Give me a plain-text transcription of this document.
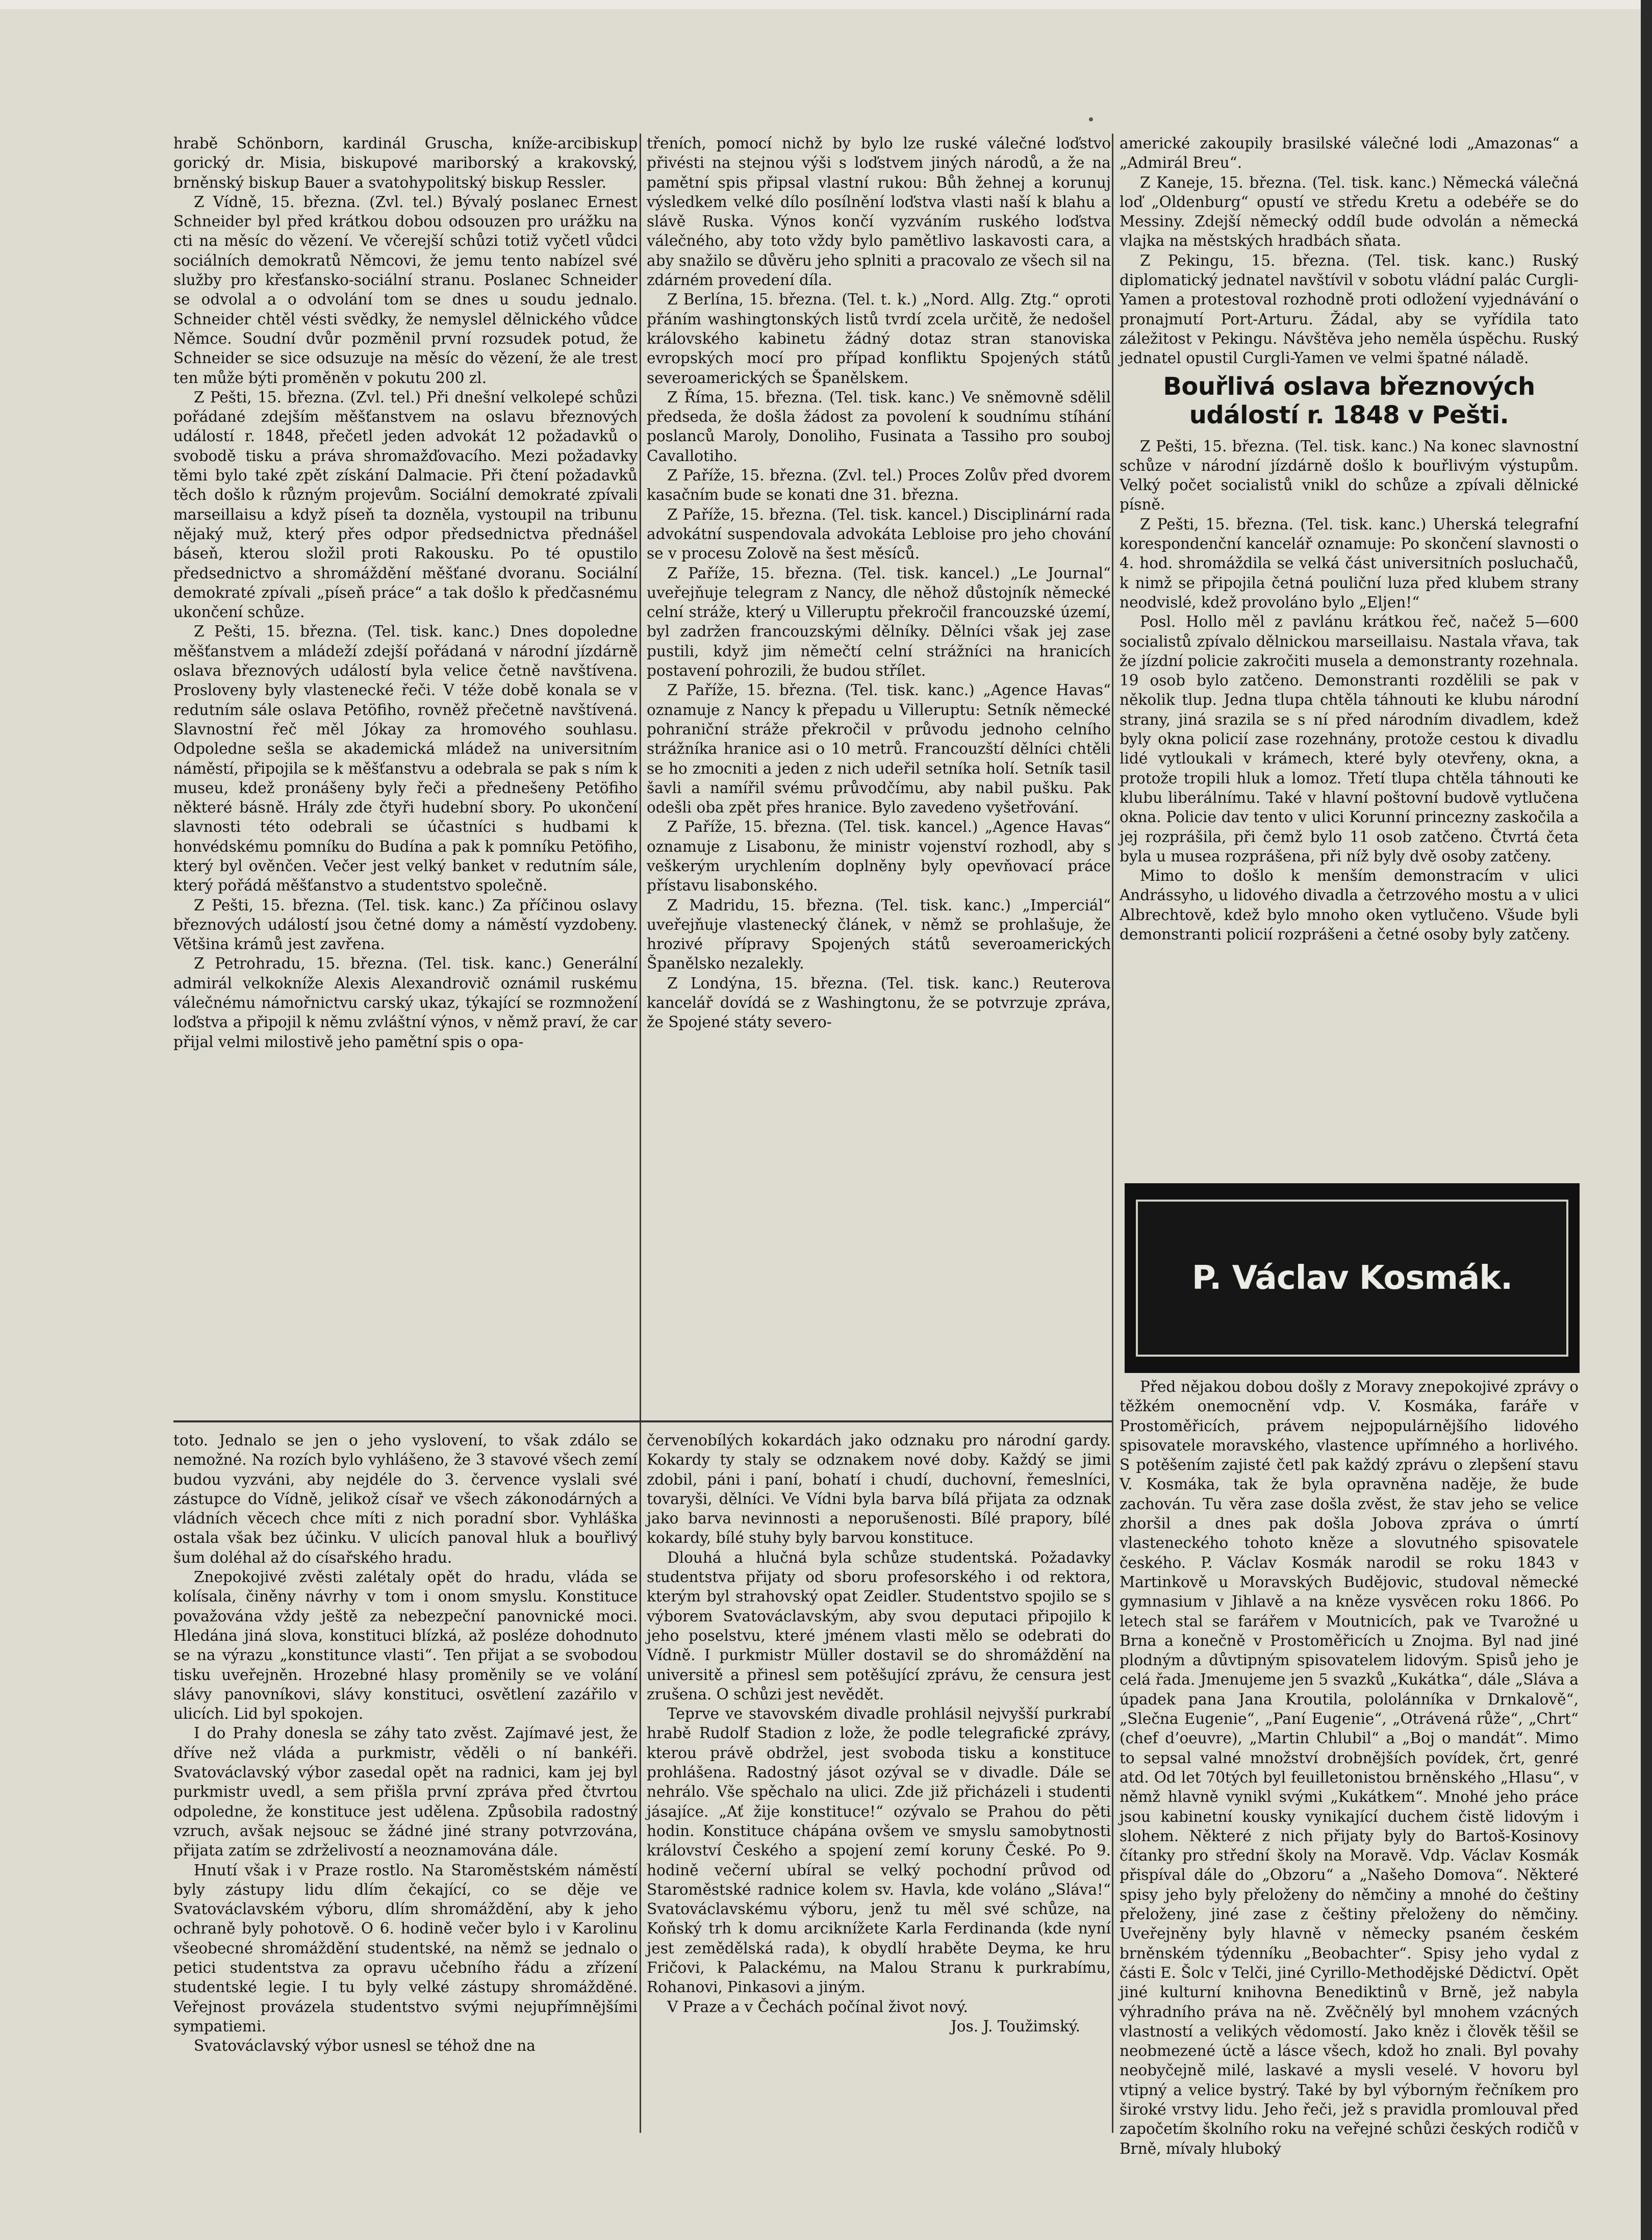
hrabě Schönborn, kardinál Gruscha, kníže-arcibiskup gorický dr. Misia, biskupové mariborský a krakovský, brněnský biskup Bauer a svatohypolitský biskup Ressler.

Z Vídně, 15. března. (Zvl. tel.) Bývalý poslanec Ernest Schneider byl před krátkou dobou odsouzen pro urážku na cti na měsíc do vězení. Ve včerejší schůzi totiž vyčetl vůdci sociálních demokratů Němcovi, že jemu tento nabízel své služby pro křesťansko-sociální stranu. Poslanec Schneider se odvolal a o odvolání tom se dnes u soudu jednalo. Schneider chtěl vésti svědky, že nemyslel dělnického vůdce Němce. Soudní dvůr pozměnil první rozsudek potud, že Schneider se sice odsuzuje na měsíc do vězení, že ale trest ten může býti proměněn v pokutu 200 zl.

Z Pešti, 15. března. (Zvl. tel.) Při dnešní velkolepé schůzi pořádané zdejším měšťanstvem na oslavu březnových událostí r. 1848, přečetl jeden advokát 12 požadavků o svobodě tisku a práva shromažďovacího. Mezi požadavky těmi bylo také zpět získání Dalmacie. Při čtení požadavků těch došlo k různým projevům. Sociální demokraté zpívali marseillaisu a když píseň ta dozněla, vystoupil na tribunu nějaký muž, který přes odpor předsednictva přednášel báseň, kterou složil proti Rakousku. Po té opustilo předsednictvo a shromáždění měšťané dvoranu. Sociální demokraté zpívali „píseň práce“ a tak došlo k předčasnému ukončení schůze.

Z Pešti, 15. března. (Tel. tisk. kanc.) Dnes dopoledne měšťanstvem a mládeží zdejší pořádaná v národní jízdárně oslava březnových událostí byla velice četně navštívena. Prosloveny byly vlastenecké řeči. V téže době konala se v redutním sále oslava Petöfiho, rovněž přečetně navštívená. Slavnostní řeč měl Jókay za hromového souhlasu. Odpoledne sešla se akademická mládež na universitním náměstí, připojila se k měšťanstvu a odebrala se pak s ním k museu, kdež pronášeny byly řeči a přednešeny Petöfiho některé básně. Hrály zde čtyři hudební sbory. Po ukončení slavnosti této odebrali se účastníci s hudbami k honvédskému pomníku do Budína a pak k pomníku Petöfiho, který byl ověnčen. Večer jest velký banket v redutním sále, který pořádá měšťanstvo a studentstvo společně.

Z Pešti, 15. března. (Tel. tisk. kanc.) Za příčinou oslavy březnových událostí jsou četné domy a náměstí vyzdobeny. Většina krámů jest zavřena.

Z Petrohradu, 15. března. (Tel. tisk. kanc.) Generální admirál velkokníže Alexis Alexandrovič oznámil ruskému válečnému námořnictvu carský ukaz, týkající se rozmnožení loďstva a připojil k němu zvláštní výnos, v němž praví, že car přijal velmi milostivě jeho pamětní spis o opa-

třeních, pomocí nichž by bylo lze ruské válečné loďstvo přivésti na stejnou výši s loďstvem jiných národů, a že na pamětní spis připsal vlastní rukou: Bůh žehnej a korunuj výsledkem velké dílo posílnění loďstva vlasti naší k blahu a slávě Ruska. Výnos končí vyzváním ruského loďstva válečného, aby toto vždy bylo pamětlivo laskavosti cara, a aby snažilo se důvěru jeho splniti a pracovalo ze všech sil na zdárném provedení díla.

Z Berlína, 15. března. (Tel. t. k.) „Nord. Allg. Ztg.“ oproti přáním washingtonských listů tvrdí zcela určitě, že nedošel královského kabinetu žádný dotaz stran stanoviska evropských mocí pro případ konfliktu Spojených států severoamerických se Španělskem.

Z Říma, 15. března. (Tel. tisk. kanc.) Ve sněmovně sdělil předseda, že došla žádost za povolení k soudnímu stíhání poslanců Maroly, Donoliho, Fusinata a Tassiho pro souboj Cavallotiho.

Z Paříže, 15. března. (Zvl. tel.) Proces Zolův před dvorem kasačním bude se konati dne 31. března.

Z Paříže, 15. března. (Tel. tisk. kancel.) Disciplinární rada advokátní suspendovala advokáta Lebloise pro jeho chování se v procesu Zolově na šest měsíců.

Z Paříže, 15. března. (Tel. tisk. kancel.) „Le Journal“ uveřejňuje telegram z Nancy, dle něhož důstojník německé celní stráže, který u Villeruptu překročil francouzské území, byl zadržen francouzskými dělníky. Dělníci však jej zase pustili, když jim němečtí celní strážníci na hranicích postavení pohrozili, že budou střílet.

Z Paříže, 15. března. (Tel. tisk. kanc.) „Agence Havas“ oznamuje z Nancy k přepadu u Villeruptu: Setník německé pohraniční stráže překročil v průvodu jednoho celního strážníka hranice asi o 10 metrů. Francouzští dělníci chtěli se ho zmocniti a jeden z nich udeřil setníka holí. Setník tasil šavli a namířil svému průvodčímu, aby nabil pušku. Pak odešli oba zpět přes hranice. Bylo zavedeno vyšetřování.

Z Paříže, 15. března. (Tel. tisk. kancel.) „Agence Havas“ oznamuje z Lisabonu, že ministr vojenství rozhodl, aby s veškerým urychlením doplněny byly opevňovací práce přístavu lisabonského.

Z Madridu, 15. března. (Tel. tisk. kanc.) „Imperciál“ uveřejňuje vlastenecký článek, v němž se prohlašuje, že hrozivé přípravy Spojených států severoamerických Španělsko nezalekly.

Z Londýna, 15. března. (Tel. tisk. kanc.) Reuterova kancelář dovídá se z Washingtonu, že se potvrzuje zpráva, že Spojené státy severo-

americké zakoupily brasilské válečné lodi „Amazonas“ a „Admirál Breu“.

Z Kaneje, 15. března. (Tel. tisk. kanc.) Německá válečná loď „Oldenburg“ opustí ve středu Kretu a odebéře se do Messiny. Zdejší německý oddíl bude odvolán a německá vlajka na městských hradbách sňata.

Z Pekingu, 15. března. (Tel. tisk. kanc.) Ruský diplomatický jednatel navštívil v sobotu vládní palác Curgli-Yamen a protestoval rozhodně proti odložení vyjednávání o pronajmutí Port-Arturu. Žádal, aby se vyřídila tato záležitost v Pekingu. Návštěva jeho neměla úspěchu. Ruský jednatel opustil Curgli-Yamen ve velmi špatné náladě.

Bouřlivá oslava březnových událostí r. 1848 v Pešti.

Z Pešti, 15. března. (Tel. tisk. kanc.) Na konec slavnostní schůze v národní jízdárně došlo k bouřlivým výstupům. Velký počet socialistů vnikl do schůze a zpívali dělnické písně.

Z Pešti, 15. března. (Tel. tisk. kanc.) Uherská telegrafní korespondenční kancelář oznamuje: Po skončení slavnosti o 4. hod. shromáždila se velká část universitních posluchačů, k nimž se připojila četná pouliční luza před klubem strany neodvislé, kdež provoláno bylo „Eljen!“

Posl. Hollo měl z pavlánu krátkou řeč, načež 5—600 socialistů zpívalo dělnickou marseillaisu. Nastala vřava, tak že jízdní policie zakročiti musela a demonstranty rozehnala. 19 osob bylo zatčeno. Demonstranti rozdělili se pak v několik tlup. Jedna tlupa chtěla táhnouti ke klubu národní strany, jiná srazila se s ní před národním divadlem, kdež byly okna policií zase rozehnány, protože cestou k divadlu lidé vytloukali v krámech, které byly otevřeny, okna, a protože tropili hluk a lomoz. Třetí tlupa chtěla táhnouti ke klubu liberálnímu. Také v hlavní poštovní budově vytlučena okna. Policie dav tento v ulici Korunní princezny zaskočila a jej rozprášila, při čemž bylo 11 osob zatčeno. Čtvrtá četa byla u musea rozprášena, při níž byly dvě osoby zatčeny.

Mimo to došlo k menším demonstracím v ulici Andrássyho, u lidového divadla a četrzového mostu a v ulici Albrechtově, kdež bylo mnoho oken vytlučeno. Všude byli demonstranti policií rozprášeni a četné osoby byly zatčeny.

P. Václav Kosmák.

toto. Jednalo se jen o jeho vyslovení, to však zdálo se nemožné. Na rozích bylo vyhlášeno, že 3 stavové všech zemí budou vyzváni, aby nejdéle do 3. července vyslali své zástupce do Vídně, jelikož císař ve všech zákonodárných a vládních věcech chce míti z nich poradní sbor. Vyhláška ostala však bez účinku. V ulicích panoval hluk a bouřlivý šum doléhal až do císařského hradu.

Znepokojivé zvěsti zalétaly opět do hradu, vláda se kolísala, činěny návrhy v tom i onom smyslu. Konstituce považována vždy ještě za nebezpeční panovnické moci. Hledána jiná slova, konstituci blízká, až posléze dohodnuto se na výrazu „konstitunce vlasti“. Ten přijat a se svobodou tisku uveřejněn. Hrozebné hlasy proměnily se ve volání slávy panovníkovi, slávy konstituci, osvětlení zazářilo v ulicích. Lid byl spokojen.

I do Prahy donesla se záhy tato zvěst. Zajímavé jest, že dříve než vláda a purkmistr, věděli o ní bankéři. Svatováclavský výbor zasedal opět na radnici, kam jej byl purkmistr uvedl, a sem přišla první zpráva před čtvrtou odpoledne, že konstituce jest udělena. Způsobila radostný vzruch, avšak nejsouc se žádné jiné strany potvrzována, přijata zatím se zdrželivostí a neoznamována dále.

Hnutí však i v Praze rostlo. Na Staroměstském náměstí byly zástupy lidu dlím čekající, co se děje ve Svatováclavském výboru, dlím shromáždění, aby k jeho ochraně byly pohotově. O 6. hodině večer bylo i v Karolinu všeobecné shromáždění studentské, na němž se jednalo o petici studentstva za opravu učebního řádu a zřízení studentské legie. I tu byly velké zástupy shromážděné. Veřejnost provázela studentstvo svými nejupřímnějšími sympatiemi.

Svatováclavský výbor usnesl se téhož dne na

červenobílých kokardách jako odznaku pro národní gardy. Kokardy ty staly se odznakem nové doby. Každý se jimi zdobil, páni i paní, bohatí i chudí, duchovní, řemeslníci, tovaryši, dělníci. Ve Vídni byla barva bílá přijata za odznak jako barva nevinnosti a neporušenosti. Bílé prapory, bílé kokardy, bílé stuhy byly barvou konstituce.

Dlouhá a hlučná byla schůze studentská. Požadavky studentstva přijaty od sboru profesorského i od rektora, kterým byl strahovský opat Zeidler. Studentstvo spojilo se s výborem Svatováclavským, aby svou deputaci připojilo k jeho poselstvu, které jménem vlasti mělo se odebrati do Vídně. I purkmistr Müller dostavil se do shromáždění na universitě a přinesl sem potěšující zprávu, že censura jest zrušena. O schůzi jest nevědět.

Teprve ve stavovském divadle prohlásil nejvyšší purkrabí hrabě Rudolf Stadion z lože, že podle telegrafické zprávy, kterou právě obdržel, jest svoboda tisku a konstituce prohlášena. Radostný jásot ozýval se v divadle. Dále se nehrálo. Vše spěchalo na ulici. Zde již přicházeli i studenti jásajíce. „Ať žije konstituce!“ ozývalo se Prahou do pěti hodin. Konstituce chápána ovšem ve smyslu samobytnosti království Českého a spojení zemí koruny České. Po 9. hodině večerní ubíral se velký pochodní průvod od Staroměstské radnice kolem sv. Havla, kde voláno „Sláva!“ Svatováclavskému výboru, jenž tu měl své schůze, na Koňský trh k domu arciknížete Karla Ferdinanda (kde nyní jest zemědělská rada), k obydlí hraběte Deyma, ke hru Fričovi, k Palackému, na Malou Stranu k purkrabímu, Rohanovi, Pinkasovi a jiným.

V Praze a v Čechách počínal život nový.

Jos. J. Toužimský.

Před nějakou dobou došly z Moravy znepokojivé zprávy o těžkém onemocnění vdp. V. Kosmáka, faráře v Prostoměřicích, právem nejpopulárnějšího lidového spisovatele moravského, vlastence upřímného a horlivého. S potěšením zajisté četl pak každý zprávu o zlepšení stavu V. Kosmáka, tak že byla opravněna naděje, že bude zachován. Tu věra zase došla zvěst, že stav jeho se velice zhoršil a dnes pak došla Jobova zpráva o úmrtí vlasteneckého tohoto kněze a slovutného spisovatele českého. P. Václav Kosmák narodil se roku 1843 v Martinkově u Moravských Budějovic, studoval německé gymnasium v Jihlavě a na kněze vysvěcen roku 1866. Po letech stal se farářem v Moutnicích, pak ve Tvarožné u Brna a konečně v Prostoměřicích u Znojma. Byl nad jiné plodným a důvtipným spisovatelem lidovým. Spisů jeho je celá řada. Jmenujeme jen 5 svazků „Kukátka“, dále „Sláva a úpadek pana Jana Kroutila, pololánníka v Drnkalově“, „Slečna Eugenie“, „Paní Eugenie“, „Otrávená růže“, „Chrt“ (chef d’oeuvre), „Martin Chlubil“ a „Boj o mandát“. Mimo to sepsal valné množství drobnějších povídek, črt, genré atd. Od let 70tých byl feuilletonistou brněnského „Hlasu“, v němž hlavně vynikl svými „Kukátkem“. Mnohé jeho práce jsou kabinetní kousky vynikající duchem čistě lidovým i slohem. Některé z nich přijaty byly do Bartoš-Kosinovy čítanky pro střední školy na Moravě. Vdp. Václav Kosmák přispíval dále do „Obzoru“ a „Našeho Domova“. Některé spisy jeho byly přeloženy do němčiny a mnohé do češtiny přeloženy, jiné zase z češtiny přeloženy do němčiny. Uveřejněny byly hlavně v německy psaném českém brněnském týdenníku „Beobachter“. Spisy jeho vydal z části E. Šolc v Telči, jiné Cyrillo-Methodějské Dědictví. Opět jiné kulturní knihovna Benediktinů v Brně, jež nabyla výhradního práva na ně. Zvěčnělý byl mnohem vzácných vlastností a velikých vědomostí. Jako kněz i člověk těšil se neobmezené úctě a lásce všech, kdož ho znali. Byl povahy neobyčejně milé, laskavé a mysli veselé. V hovoru byl vtipný a velice bystrý. Také by byl výborným řečníkem pro široké vrstvy lidu. Jeho řeči, jež s pravidla promlouval před započetím školního roku na veřejné schůzi českých rodičů v Brně, mívaly hluboký
